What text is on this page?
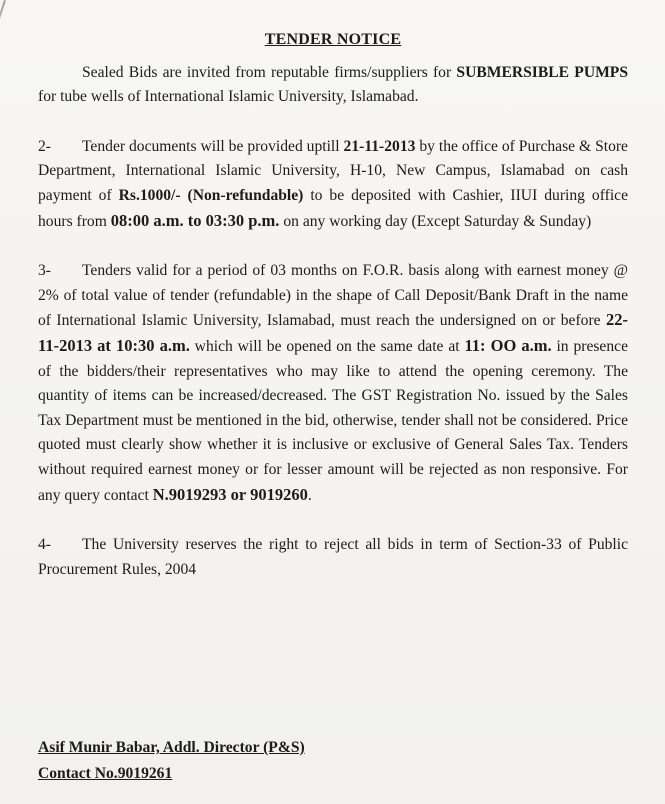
TENDER NOTICE

Sealed Bids are invited from reputable firms/suppliers for SUBMERSIBLE PUMPS for tube wells of International Islamic University, Islamabad.

2- Tender documents will be provided uptill 21-11-2013 by the office of Purchase & Store Department, International Islamic University, H-10, New Campus, Islamabad on cash payment of Rs.1000/- (Non-refundable) to be deposited with Cashier, IIUI during office hours from 08:00 a.m. to 03:30 p.m. on any working day (Except Saturday & Sunday)

3- Tenders valid for a period of 03 months on F.O.R. basis along with earnest money @ 2% of total value of tender (refundable) in the shape of Call Deposit/Bank Draft in the name of International Islamic University, Islamabad, must reach the undersigned on or before 22-11-2013 at 10:30 a.m. which will be opened on the same date at 11: OO a.m. in presence of the bidders/their representatives who may like to attend the opening ceremony. The quantity of items can be increased/decreased. The GST Registration No. issued by the Sales Tax Department must be mentioned in the bid, otherwise, tender shall not be considered. Price quoted must clearly show whether it is inclusive or exclusive of General Sales Tax. Tenders without required earnest money or for lesser amount will be rejected as non responsive. For any query contact N.9019293 or 9019260.

4- The University reserves the right to reject all bids in term of Section-33 of Public Procurement Rules, 2004

Asif Munir Babar, Addl. Director (P&S)
Contact No.9019261
